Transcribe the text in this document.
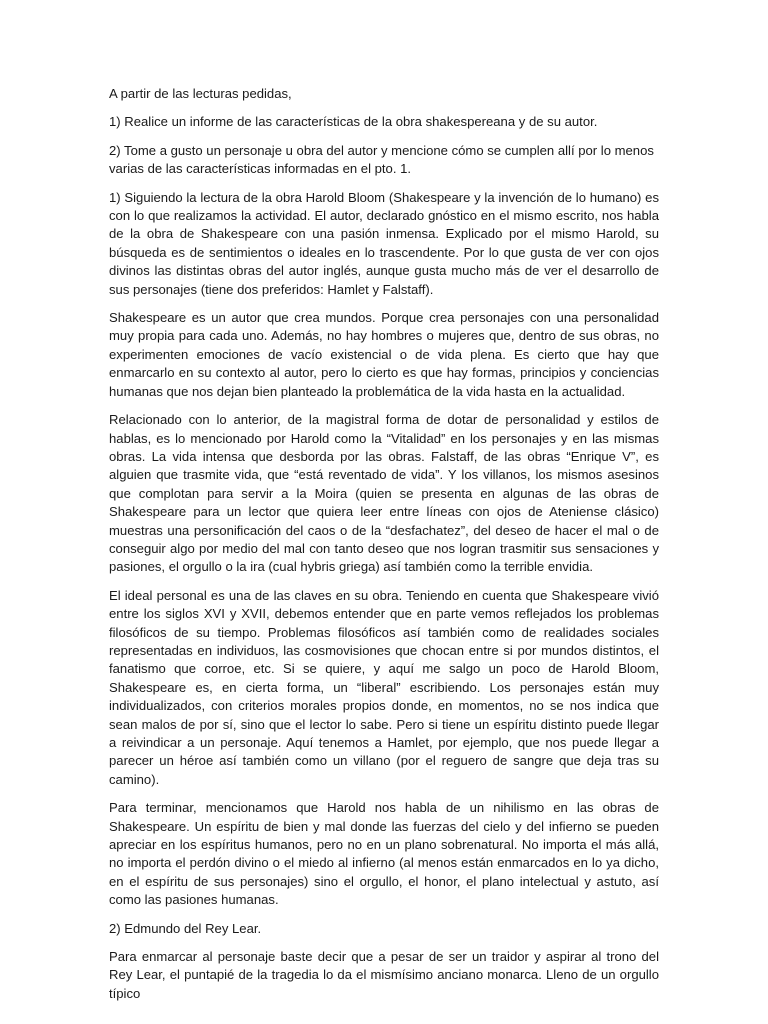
A partir de las lecturas pedidas,

1) Realice un informe de las características de la obra shakespereana y de su autor.

2) Tome a gusto un personaje u obra del autor y mencione cómo se cumplen allí por lo menos varias de las características informadas en el pto. 1.

1) Siguiendo la lectura de la obra Harold Bloom (Shakespeare y la invención de lo humano) es con lo que realizamos la actividad. El autor, declarado gnóstico en el mismo escrito, nos habla de la obra de Shakespeare con una pasión inmensa. Explicado por el mismo Harold, su búsqueda es de sentimientos o ideales en lo trascendente. Por lo que gusta de ver con ojos divinos las distintas obras del autor inglés, aunque gusta mucho más de ver el desarrollo de sus personajes (tiene dos preferidos: Hamlet y Falstaff).

Shakespeare es un autor que crea mundos. Porque crea personajes con una personalidad muy propia para cada uno. Además, no hay hombres o mujeres que, dentro de sus obras, no experimenten emociones de vacío existencial o de vida plena. Es cierto que hay que enmarcarlo en su contexto al autor, pero lo cierto es que hay formas, principios y conciencias humanas que nos dejan bien planteado la problemática de la vida hasta en la actualidad.

Relacionado con lo anterior, de la magistral forma de dotar de personalidad y estilos de hablas, es lo mencionado por Harold como la “Vitalidad” en los personajes y en las mismas obras. La vida intensa que desborda por las obras. Falstaff, de las obras “Enrique V”, es alguien que trasmite vida, que “está reventado de vida”. Y los villanos, los mismos asesinos que complotan para servir a la Moira (quien se presenta en algunas de las obras de Shakespeare para un lector que quiera leer entre líneas con ojos de Ateniense clásico) muestras una personificación del caos o de la “desfachatez”, del deseo de hacer el mal o de conseguir algo por medio del mal con tanto deseo que nos logran trasmitir sus sensaciones y pasiones, el orgullo o la ira (cual hybris griega) así también como la terrible envidia.

El ideal personal es una de las claves en su obra. Teniendo en cuenta que Shakespeare vivió entre los siglos XVI y XVII, debemos entender que en parte vemos reflejados los problemas filosóficos de su tiempo. Problemas filosóficos así también como de realidades sociales representadas en individuos, las cosmovisiones que chocan entre si por mundos distintos, el fanatismo que corroe, etc. Si se quiere, y aquí me salgo un poco de Harold Bloom, Shakespeare es, en cierta forma, un “liberal” escribiendo. Los personajes están muy individualizados, con criterios morales propios donde, en momentos, no se nos indica que sean malos de por sí, sino que el lector lo sabe. Pero si tiene un espíritu distinto puede llegar a reivindicar a un personaje. Aquí tenemos a Hamlet, por ejemplo, que nos puede llegar a parecer un héroe así también como un villano (por el reguero de sangre que deja tras su camino).

Para terminar, mencionamos que Harold nos habla de un nihilismo en las obras de Shakespeare. Un espíritu de bien y mal donde las fuerzas del cielo y del infierno se pueden apreciar en los espíritus humanos, pero no en un plano sobrenatural. No importa el más allá, no importa el perdón divino o el miedo al infierno (al menos están enmarcados en lo ya dicho, en el espíritu de sus personajes) sino el orgullo, el honor, el plano intelectual y astuto, así como las pasiones humanas.

2) Edmundo del Rey Lear.

Para enmarcar al personaje baste decir que a pesar de ser un traidor y aspirar al trono del Rey Lear, el puntapié de la tragedia lo da el mismísimo anciano monarca. Lleno de un orgullo típico
